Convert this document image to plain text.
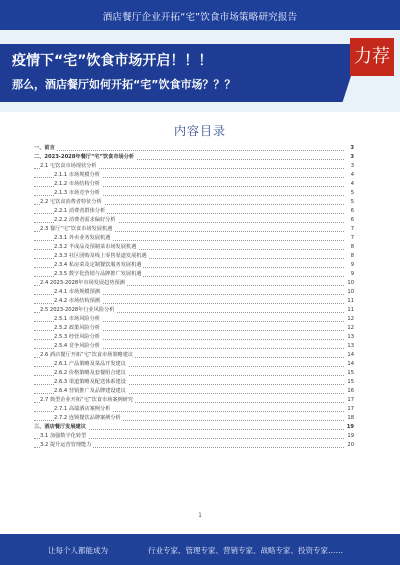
酒店餐厅企业开拓“宅”饮食市场策略研究报告
疫情下“宅”饮食市场开启！！！
那么，酒店餐厅如何开拓“宅”饮食市场？？？
力荐
内容目录
一、前言	3
二、2023-2028年餐厅“宅”饮食市场分析	3
2.1 宅饮食市场现状分析	3
2.1.1 市场规模分析	4
2.1.2 市场结构分析	4
2.1.3 市场竞争分析	5
2.2 宅饮食消费者特征分析	5
2.2.1 消费者群体分析	6
2.2.2 消费者需求偏好分析	6
2.3 餐厅“宅”饮食市场发展机遇	7
2.3.1 外卖业务发展机遇	7
2.3.2 半成品及预制菜市场发展机遇	8
2.3.3 社区团购及线上零售渠道发展机遇	8
2.3.4 私房菜及定制餐饮服务发展机遇	9
2.3.5 数字化营销与品牌推广发展机遇	9
2.4 2023-2028年市场发展趋势预测	10
2.4.1 市场规模预测	10
2.4.2 市场结构预测	11
2.5 2023-2028年行业风险分析	11
2.5.1 市场风险分析	12
2.5.2 政策风险分析	12
2.5.3 经营风险分析	13
2.5.4 竞争风险分析	13
2.6 酒店餐厅开拓“宅”饮食市场策略建议	14
2.6.1 产品策略及菜品开发建议	14
2.6.2 价格策略及套餐组合建议	15
2.6.3 渠道策略及配送体系建设	15
2.6.4 营销推广及品牌建设建议	16
2.7 典型企业开拓“宅”饮食市场案例研究	17
2.7.1 高端酒店案例分析	17
2.7.2 连锁餐饮品牌案例分析	18
三、酒店餐厅发展建议	19
3.1 加强数字化转型	19
3.2 提升运营管理能力	20
1
让每个人都能成为	行业专家、管理专家、营销专家、战略专家、投资专家……
